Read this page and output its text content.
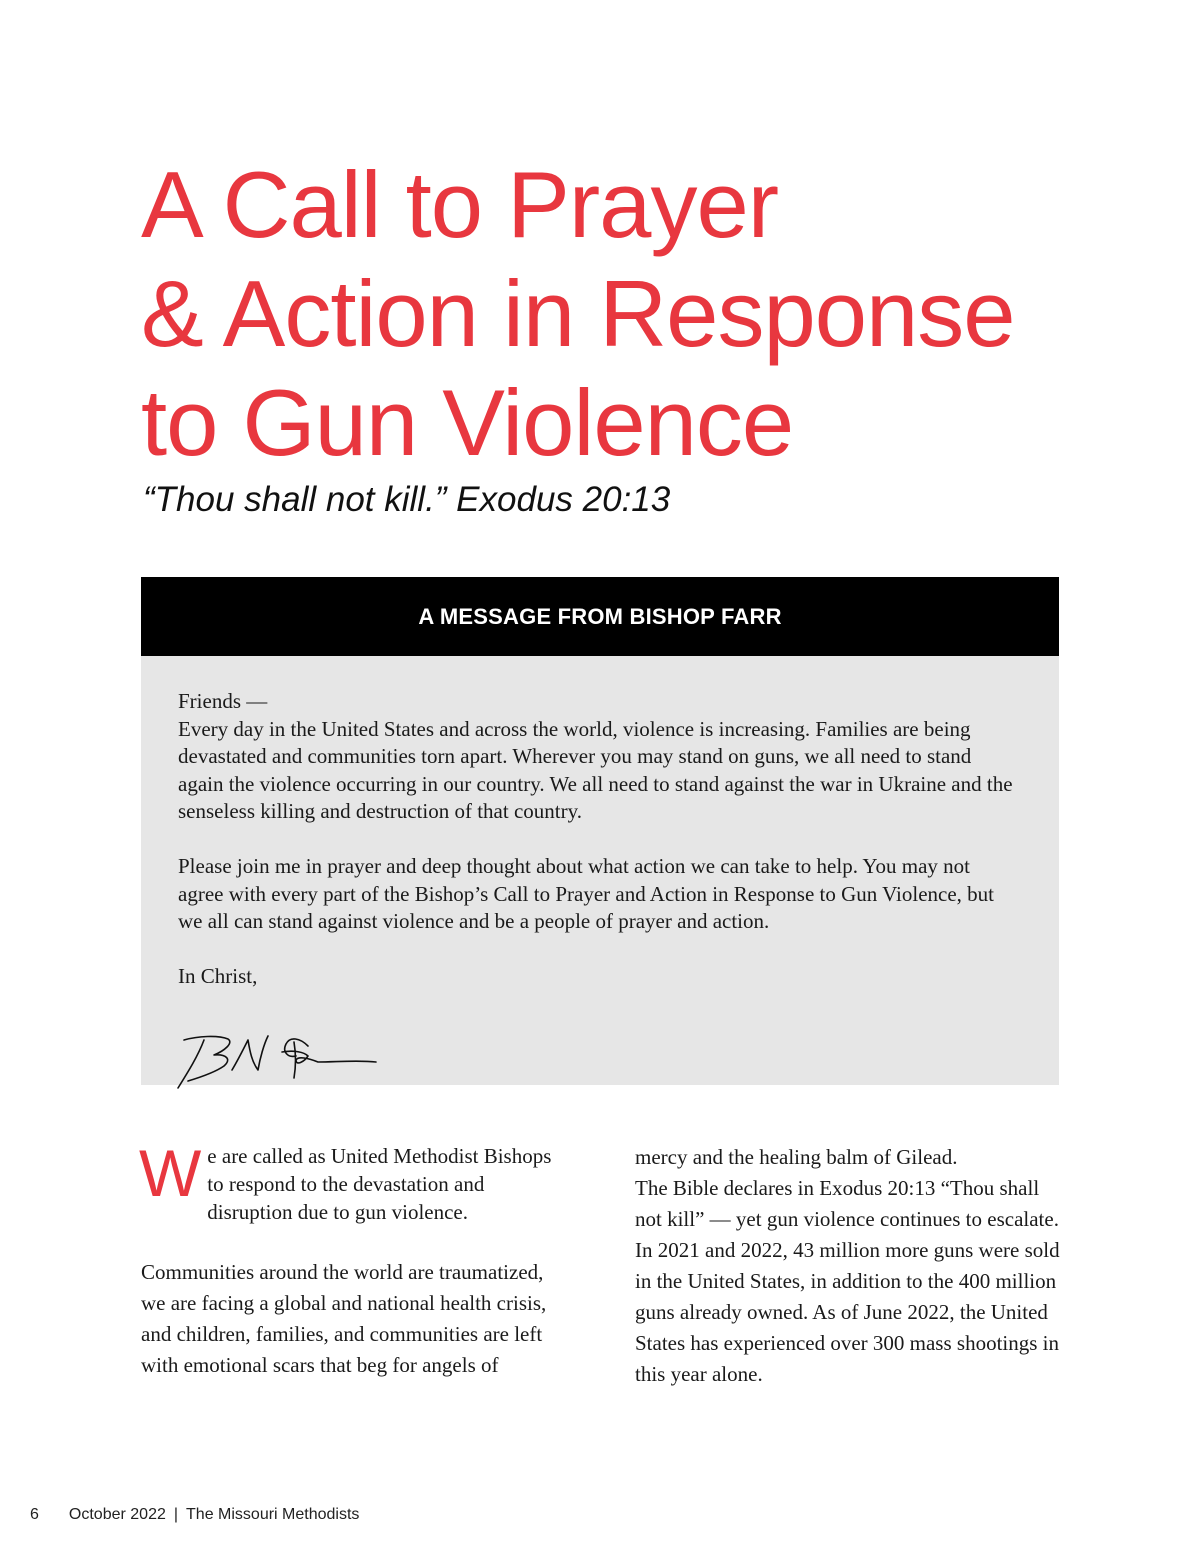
A Call to Prayer
& Action in Response
to Gun Violence

“Thou shall not kill.” Exodus 20:13

A MESSAGE FROM BISHOP FARR

Friends —

Every day in the United States and across the world, violence is increasing. Families are being devastated and communities torn apart. Wherever you may stand on guns, we all need to stand again the violence occurring in our country. We all need to stand against the war in Ukraine and the senseless killing and destruction of that country.

Please join me in prayer and deep thought about what action we can take to help. You may not agree with every part of the Bishop’s Call to Prayer and Action in Response to Gun Violence, but we all can stand against violence and be a people of prayer and action.

In Christ,

We are called as United Methodist Bishops to respond to the devastation and disruption due to gun violence.

Communities around the world are traumatized, we are facing a global and national health crisis, and children, families, and communities are left with emotional scars that beg for angels of

mercy and the healing balm of Gilead.

The Bible declares in Exodus 20:13 “Thou shall not kill” — yet gun violence continues to escalate. In 2021 and 2022, 43 million more guns were sold in the United States, in addition to the 400 million guns already owned. As of June 2022, the United States has experienced over 300 mass shootings in this year alone.

6 October 2022 | The Missouri Methodists
